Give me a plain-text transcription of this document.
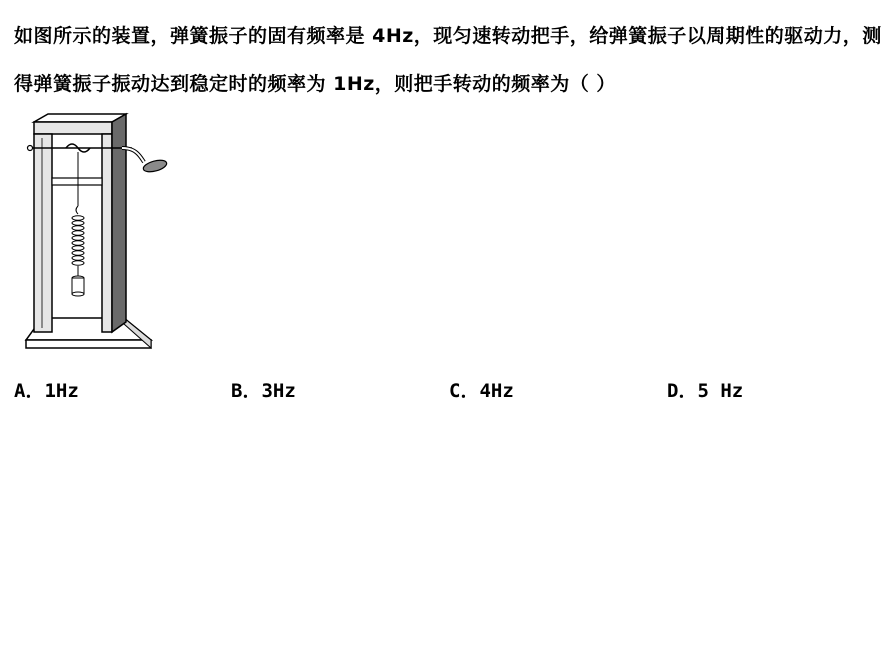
如图所示的装置，弹簧振子的固有频率是 4Hz，现匀速转动把手，给弹簧振子以周期性的驱动力，测得弹簧振子振动达到稳定时的频率为 1Hz，则把手转动的频率为（ ）
A．1Hz	B．3Hz	C．4Hz	D．5 Hz
